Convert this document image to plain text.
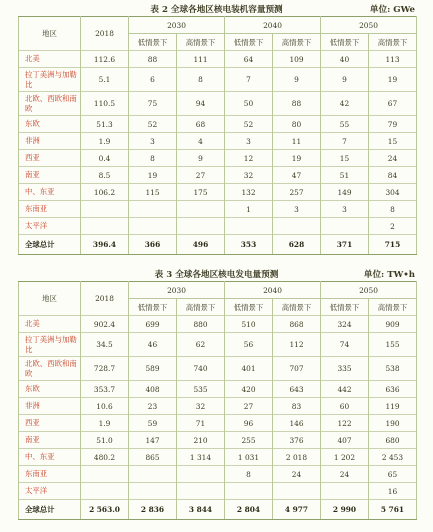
表 2 全球各地区核电装机容量预测	单位: GWe
地区	2018	2030		2040		2050	
		低情景下	高情景下	低情景下	高情景下	低情景下	高情景下
北美	112.6	88	111	64	109	40	113
拉丁美洲与加勒比	5.1	6	8	7	9	9	19
北欧、西欧和南欧	110.5	75	94	50	88	42	67
东欧	51.3	52	68	52	80	55	79
非洲	1.9	3	4	3	11	7	15
西亚	0.4	8	9	12	19	15	24
南亚	8.5	19	27	32	47	51	84
中、东亚	106.2	115	175	132	257	149	304
东南亚				1	3	3	8
太平洋							2
全球总计	396.4	366	496	353	628	371	715
表 3 全球各地区核电发电量预测	单位: TW•h
地区	2018	2030		2040		2050	
		低情景下	高情景下	低情景下	高情景下	低情景下	高情景下
北美	902.4	699	880	510	868	324	909
拉丁美洲与加勒比	34.5	46	62	56	112	74	155
北欧、西欧和南欧	728.7	589	740	401	707	335	538
东欧	353.7	408	535	420	643	442	636
非洲	10.6	23	32	27	83	60	119
西亚	1.9	59	71	96	146	122	190
南亚	51.0	147	210	255	376	407	680
中、东亚	480.2	865	1 314	1 031	2 018	1 202	2 453
东南亚				8	24	24	65
太平洋							16
全球总计	2 563.0	2 836	3 844	2 804	4 977	2 990	5 761
